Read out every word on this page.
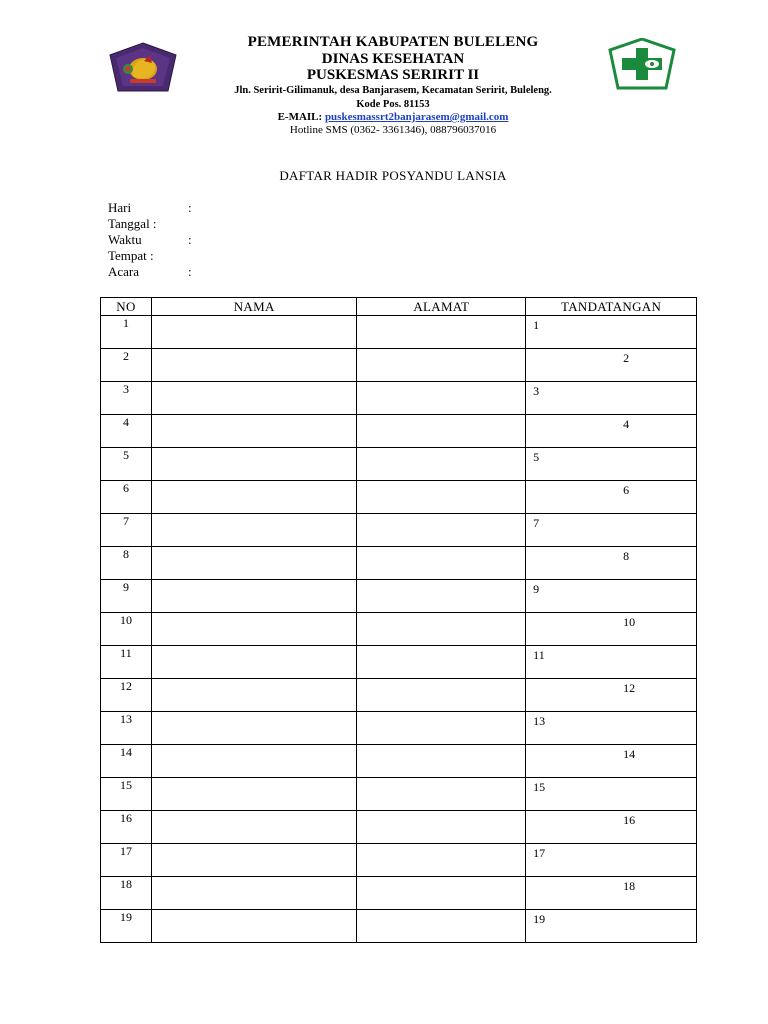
PEMERINTAH KABUPATEN BULELENG
DINAS KESEHATAN
PUSKESMAS SERIRIT II
Jln. Seririt-Gilimanuk, desa Banjarasem, Kecamatan Seririt, Buleleng.
Kode Pos. 81153
E-MAIL: puskesmassrt2banjarasem@gmail.com
Hotline SMS (0362- 3361346), 088796037016
DAFTAR HADIR POSYANDU LANSIA
Hari	:
Tanggal :
Waktu	:
Tempat :
Acara	:
NO	NAMA	ALAMAT	TANDATANGAN
1			1

2			2

3			3

4			4

5			5

6			6

7			7

8			8

9			9

10			10

11			11

12			12

13			13

14			14

15			15

16			16

17			17

18			18

19			19
